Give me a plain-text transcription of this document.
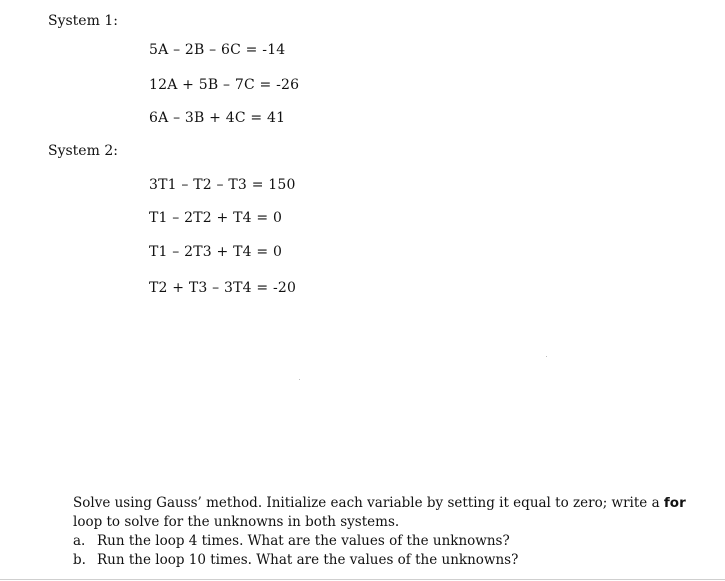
System 1:
5A – 2B – 6C = -14
12A + 5B – 7C = -26
6A – 3B + 4C = 41
System 2:
3T1 – T2 – T3 = 150
T1 – 2T2 + T4 = 0
T1 – 2T3 + T4 = 0
T2 + T3 – 3T4 = -20

Solve using Gauss’ method. Initialize each variable by setting it equal to zero; write a for loop to solve for the unknowns in both systems.

a. Run the loop 4 times. What are the values of the unknowns?
b. Run the loop 10 times. What are the values of the unknowns?
